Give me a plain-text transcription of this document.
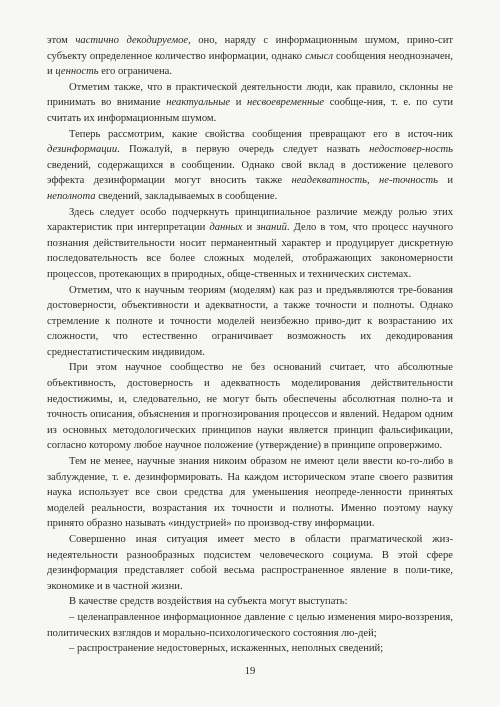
этом частично декодируемое, оно, наряду с информационным шумом, прино-сит субъекту определенное количество информации, однако смысл сообщения неоднозначен, и ценность его ограничена.

Отметим также, что в практической деятельности люди, как правило, склонны не принимать во внимание неактуальные и несвоевременные сообще-ния, т. е. по сути считать их информационным шумом.

Теперь рассмотрим, какие свойства сообщения превращают его в источ-ник дезинформации. Пожалуй, в первую очередь следует назвать недостовер-ность сведений, содержащихся в сообщении. Однако свой вклад в достижение целевого эффекта дезинформации могут вносить также неадекватность, не-точность и неполнота сведений, закладываемых в сообщение.

Здесь следует особо подчеркнуть принципиальное различие между ролью этих характеристик при интерпретации данных и знаний. Дело в том, что процесс научного познания действительности носит перманентный характер и продуцирует дискретную последовательность все более сложных моделей, отображающих закономерности процессов, протекающих в природных, обще-ственных и технических системах.

Отметим, что к научным теориям (моделям) как раз и предъявляются тре-бования достоверности, объективности и адекватности, а также точности и полноты. Однако стремление к полноте и точности моделей неизбежно приво-дит к возрастанию их сложности, что естественно ограничивает возможность их декодирования среднестатистическим индивидом.

При этом научное сообщество не без оснований считает, что абсолютные объективность, достоверность и адекватность моделирования действительности недостижимы, и, следовательно, не могут быть обеспечены абсолютная полно-та и точность описания, объяснения и прогнозирования процессов и явлений. Недаром одним из основных методологических принципов науки является принцип фальсификации, согласно которому любое научное положение (утверждение) в принципе опровержимо.

Тем не менее, научные знания никоим образом не имеют цели ввести ко-го-либо в заблуждение, т. е. дезинформировать. На каждом историческом этапе своего развития наука использует все свои средства для уменьшения неопреде-ленности принятых моделей реальности, возрастания их точности и полноты. Именно поэтому науку принято образно называть «индустрией» по производ-ству информации.

Совершенно иная ситуация имеет место в области прагматической жиз-недеятельности разнообразных подсистем человеческого социума. В этой сфере дезинформация представляет собой весьма распространенное явление в поли-тике, экономике и в частной жизни.

В качестве средств воздействия на субъекта могут выступать:

– целенаправленное информационное давление с целью изменения миро-воззрения, политических взглядов и морально-психологического состояния лю-дей;

– распространение недостоверных, искаженных, неполных сведений;

19
